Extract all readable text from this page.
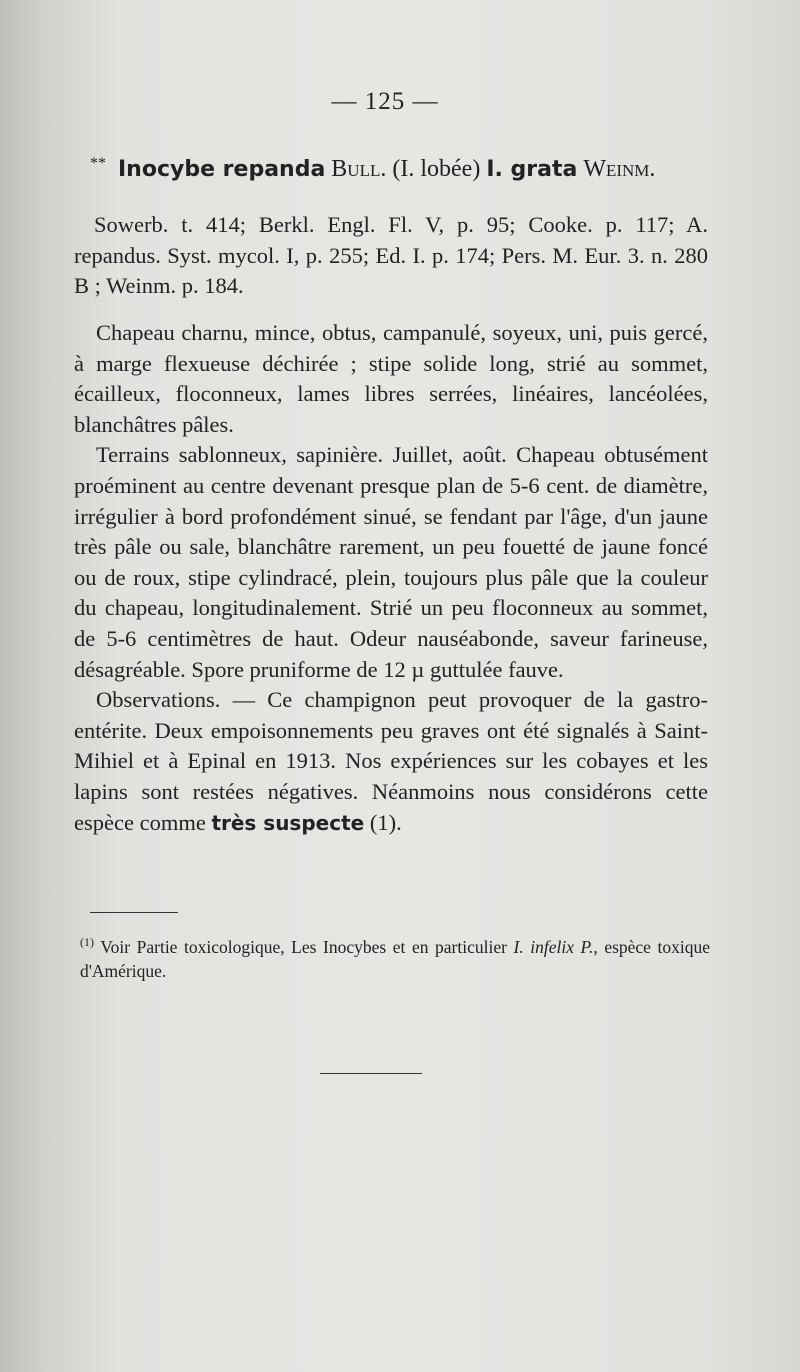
— 125 —
** Inocybe repanda Bull. (I. lobée) I. grata Weinm.

Sowerb. t. 414; Berkl. Engl. Fl. V, p. 95; Cooke. p. 117; A. repandus. Syst. mycol. I, p. 255; Ed. I. p. 174; Pers. M. Eur. 3. n. 280 B ; Weinm. p. 184.

Chapeau charnu, mince, obtus, campanulé, soyeux, uni, puis gercé, à marge flexueuse déchirée ; stipe solide long, strié au sommet, écailleux, floconneux, lames libres serrées, linéaires, lancéolées, blanchâtres pâles.

Terrains sablonneux, sapinière. Juillet, août. Chapeau obtusément proéminent au centre devenant presque plan de 5-6 cent. de diamètre, irrégulier à bord profondément sinué, se fendant par l'âge, d'un jaune très pâle ou sale, blanchâtre rarement, un peu fouetté de jaune foncé ou de roux, stipe cylindracé, plein, toujours plus pâle que la couleur du chapeau, longitudinalement. Strié un peu floconneux au sommet, de 5-6 centimètres de haut. Odeur nauséabonde, saveur farineuse, désagréable. Spore pruniforme de 12 µ guttulée fauve.

Observations. — Ce champignon peut provoquer de la gastro-entérite. Deux empoisonnements peu graves ont été signalés à Saint-Mihiel et à Epinal en 1913. Nos expériences sur les cobayes et les lapins sont restées négatives. Néanmoins nous considérons cette espèce comme très suspecte (1).

$^{(1)}$ Voir Partie toxicologique, Les Inocybes et en particulier I. infelix P., espèce toxique d'Amérique.
